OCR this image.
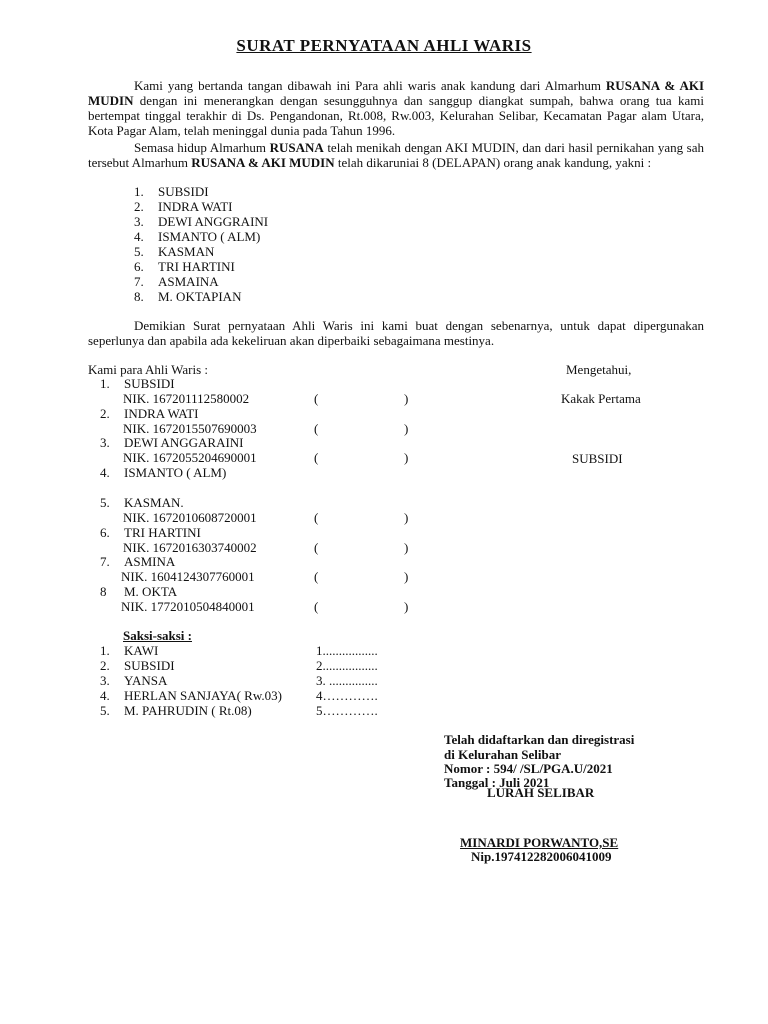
SURAT PERNYATAAN AHLI WARIS

Kami yang bertanda tangan dibawah ini Para ahli waris anak kandung dari Almarhum RUSANA & AKI MUDIN dengan ini menerangkan dengan sesungguhnya dan sanggup diangkat sumpah, bahwa orang tua kami bertempat tinggal terakhir di Ds. Pengandonan, Rt.008, Rw.003, Kelurahan Selibar, Kecamatan Pagar alam Utara, Kota Pagar Alam, telah meninggal dunia pada Tahun 1996.

Semasa hidup Almarhum RUSANA telah menikah dengan AKI MUDIN, dan dari hasil pernikahan yang sah tersebut Almarhum RUSANA & AKI MUDIN telah dikaruniai 8 (DELAPAN) orang anak kandung, yakni :

1. SUBSIDI
2. INDRA WATI
3. DEWI ANGGRAINI
4. ISMANTO ( ALM)
5. KASMAN
6. TRI HARTINI
7. ASMAINA
8. M. OKTAPIAN

Demikian Surat pernyataan Ahli Waris ini kami buat dengan sebenarnya, untuk dapat dipergunakan seperlunya dan apabila ada kekeliruan akan diperbaiki sebagaimana mestinya.

Kami para Ahli Waris :	Mengetahui,
Kakak Pertama
SUBSIDI
1. SUBSIDI
NIK. 167201112580002	(	)
2. INDRA WATI
NIK. 1672015507690003	(	)
3. DEWI ANGGARAINI
NIK. 1672055204690001	(	)
4. ISMANTO ( ALM)
5. KASMAN.
NIK. 1672010608720001	(	)
6. TRI HARTINI
NIK. 1672016303740002	(	)
7. ASMINA
NIK. 1604124307760001	(	)
8 M. OKTA
NIK. 1772010504840001	(	)
Saksi-saksi :
1. KAWI	1.................
2. SUBSIDI	2.................
3. YANSA	3. ...............
4. HERLAN SANJAYA( Rw.03)	4………….
5. M. PAHRUDIN ( Rt.08)	5………….
Telah didaftarkan dan diregistrasi
di Kelurahan Selibar
Nomor : 594/ /SL/PGA.U/2021
Tanggal : Juli 2021
LURAH SELIBAR
MINARDI PORWANTO,SE
Nip.197412282006041009
